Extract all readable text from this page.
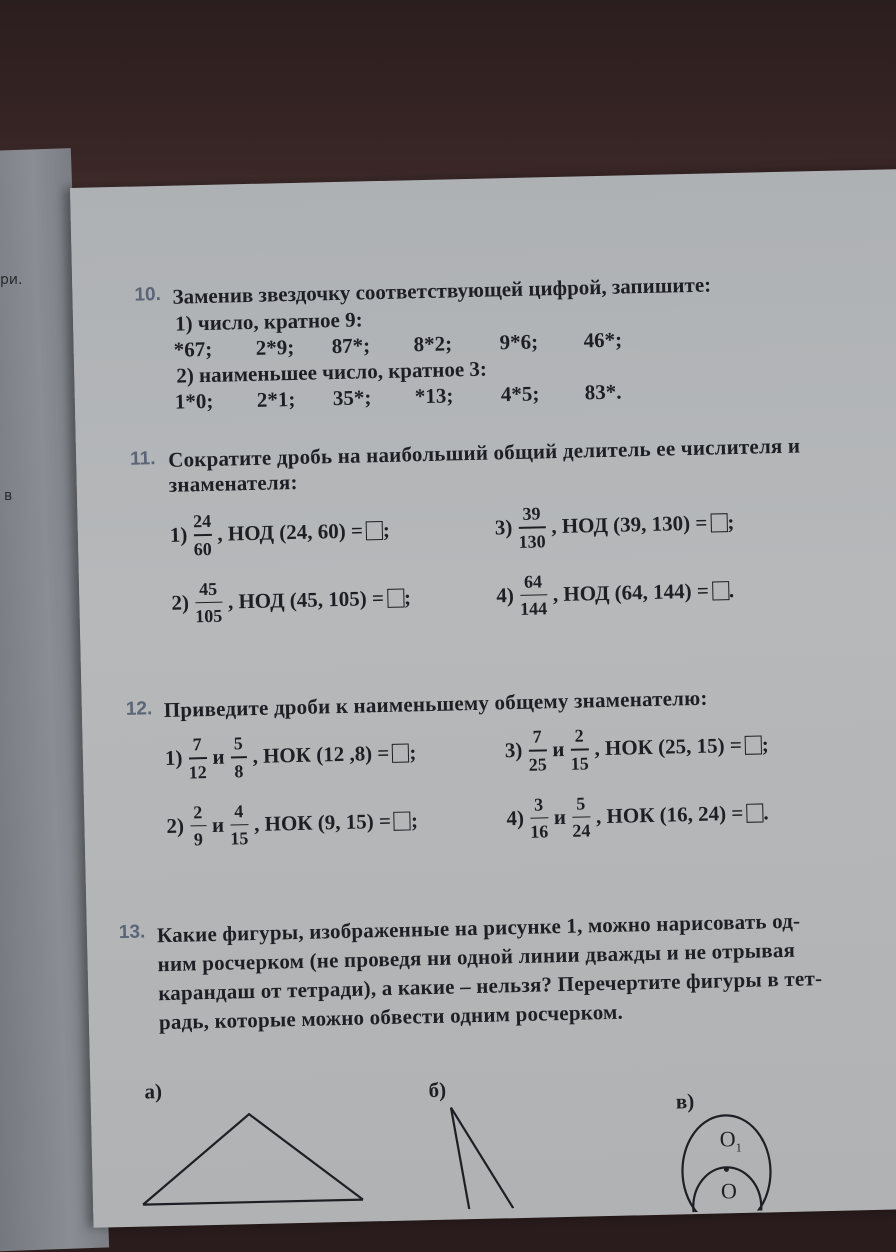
ри.
в
10. Заменив звездочку соответствующей цифрой, запишите:
1) число, кратное 9:
*67;	2*9;	87*;	8*2;	9*6;	46*;
2) наименьшее число, кратное 3:
1*0;	2*1;	35*;	*13;	4*5;	83*.
11. Сократите дробь на наибольший общий делитель ее числителя и знаменателя:
$1) \frac{24}{60}$ , НОД (24, 60) = ;	$3) \frac{39}{130}$ , НОД (39, 130) = ;
$2) \frac{45}{105}$ , НОД (45, 105) = ;	$4) \frac{64}{144}$ , НОД (64, 144) = .
12. Приведите дроби к наименьшему общему знаменателю:
$1) \frac{7}{12}$ и $\frac{5}{8}$ , НОК (12 ,8) = ;	$3) \frac{7}{25}$ и $\frac{2}{15}$ , НОК (25, 15) = ;
$2) \frac{2}{9}$ и $\frac{4}{15}$ , НОК (9, 15) = ;	$4) \frac{3}{16}$ и $\frac{5}{24}$ , НОК (16, 24) = .
13. Какие фигуры, изображенные на рисунке 1, можно нарисовать од-
ним росчерком (не проведя ни одной линии дважды и не отрывая
карандаш от тетради), а какие – нельзя? Перечертите фигуры в тет-
радь, которые можно обвести одним росчерком.
а)	б)	в)
$O_1$
O
